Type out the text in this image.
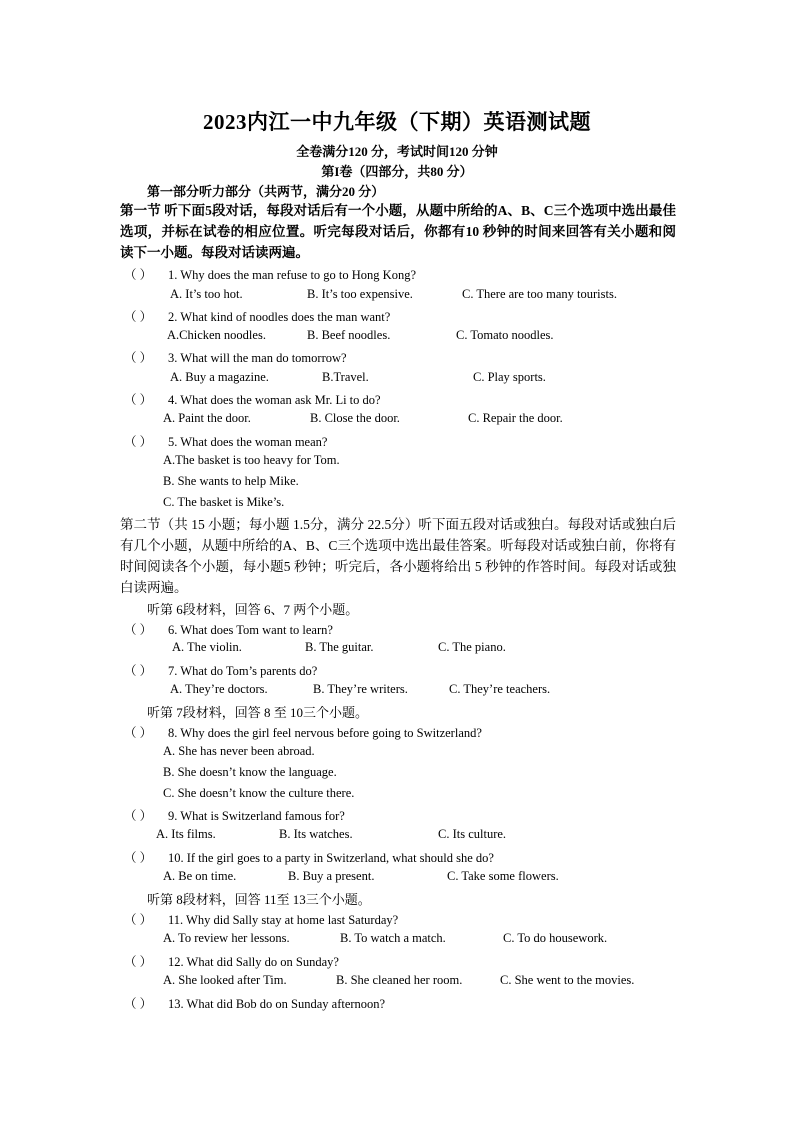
2023内江一中九年级（下期）英语测试题
全卷满分120 分，考试时间120 分钟
第I卷（四部分，共80 分）
第一部分听力部分（共两节，满分20 分）
第一节 听下面5段对话，每段对话后有一个小题，从题中所给的A、B、C三个选项中选出最佳选项，并标在试卷的相应位置。听完每段对话后，你都有10 秒钟的时间来回答有关小题和阅读下一小题。每段对话读两遍。
（ ） 1. Why does the man refuse to go to Hong Kong?
A. It’s too hot.	B. It’s too expensive.	C. There are too many tourists.
（ ） 2. What kind of noodles does the man want?
A.Chicken noodles.	B. Beef noodles.	C. Tomato noodles.
（ ） 3. What will the man do tomorrow?
A. Buy a magazine.	B.Travel.	C. Play sports.
（ ） 4. What does the woman ask Mr. Li to do?
A. Paint the door.	B. Close the door.	C. Repair the door.
（ ） 5. What does the woman mean?
A.The basket is too heavy for Tom.
B. She wants to help Mike.
C. The basket is Mike’s.
第二节（共 15 小题；每小题 1.5分，满分 22.5分）听下面五段对话或独白。每段对话或独白后有几个小题，从题中所给的A、B、C三个选项中选出最佳答案。听每段对话或独白前，你将有时间阅读各个小题，每小题5 秒钟；听完后，各小题将给出 5 秒钟的作答时间。每段对话或独白读两遍。
听第 6段材料，回答 6、7 两个小题。
（ ） 6. What does Tom want to learn?
A. The violin.	B. The guitar.	C. The piano.
（ ） 7. What do Tom’s parents do?
A. They’re doctors.	B. They’re writers.	C. They’re teachers.
听第 7段材料，回答 8 至 10三个小题。
（ ） 8. Why does the girl feel nervous before going to Switzerland?
A. She has never been abroad.
B. She doesn’t know the language.
C. She doesn’t know the culture there.
（ ） 9. What is Switzerland famous for?
A. Its films.	B. Its watches.	C. Its culture.
（ ） 10. If the girl goes to a party in Switzerland, what should she do?
A. Be on time.	B. Buy a present.	C. Take some flowers.
听第 8段材料，回答 11至 13三个小题。
（ ） 11. Why did Sally stay at home last Saturday?
A. To review her lessons.	B. To watch a match.	C. To do housework.
（ ） 12. What did Sally do on Sunday?
A. She looked after Tim.	B. She cleaned her room.	C. She went to the movies.
（ ） 13. What did Bob do on Sunday afternoon?
